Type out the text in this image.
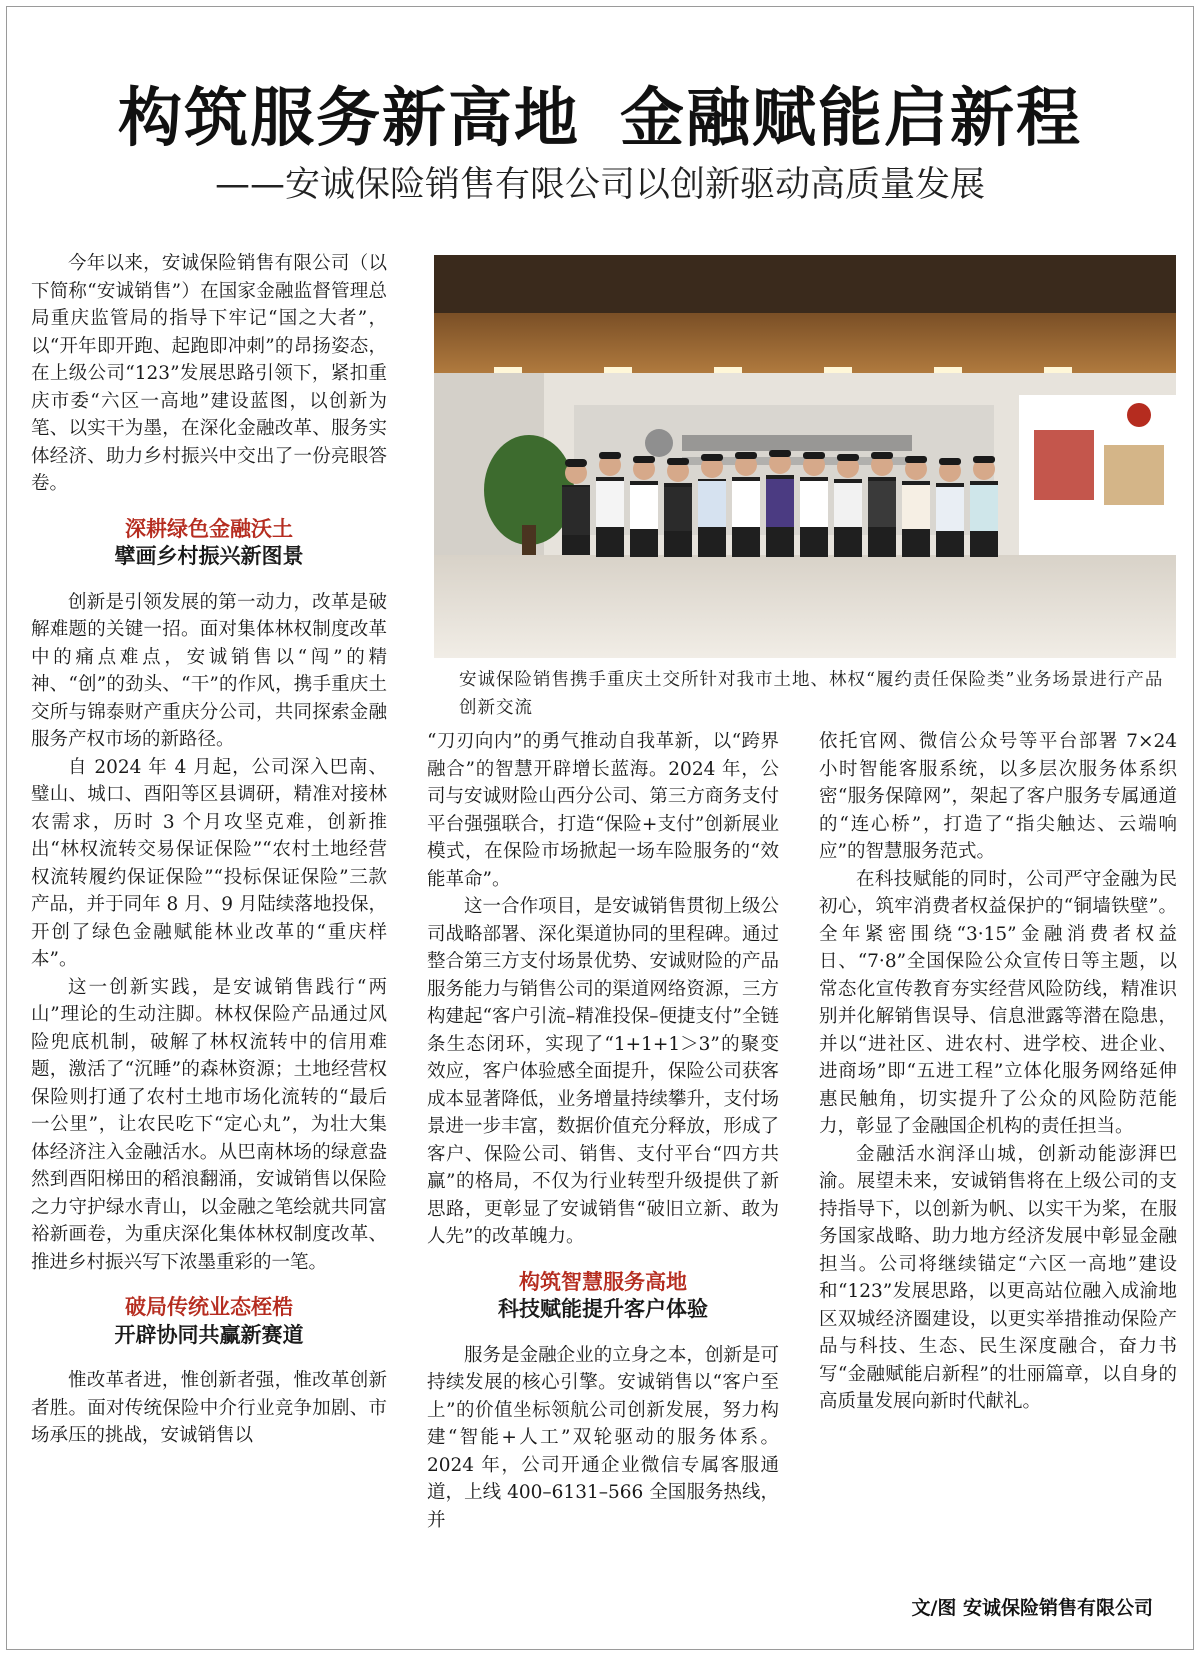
构筑服务新高地 金融赋能启新程
——安诚保险销售有限公司以创新驱动高质量发展

今年以来，安诚保险销售有限公司（以下简称“安诚销售”）在国家金融监督管理总局重庆监管局的指导下牢记“国之大者”，以“开年即开跑、起跑即冲刺”的昂扬姿态，在上级公司“123”发展思路引领下，紧扣重庆市委“六区一高地”建设蓝图，以创新为笔、以实干为墨，在深化金融改革、服务实体经济、助力乡村振兴中交出了一份亮眼答卷。

深耕绿色金融沃土

擘画乡村振兴新图景

创新是引领发展的第一动力，改革是破解难题的关键一招。面对集体林权制度改革中的痛点难点，安诚销售以“闯”的精神、“创”的劲头、“干”的作风，携手重庆土交所与锦泰财产重庆分公司，共同探索金融服务产权市场的新路径。

自 2024 年 4 月起，公司深入巴南、璧山、城口、酉阳等区县调研，精准对接林农需求，历时 3 个月攻坚克难，创新推出“林权流转交易保证保险”“农村土地经营权流转履约保证保险”“投标保证保险”三款产品，并于同年 8 月、9 月陆续落地投保，开创了绿色金融赋能林业改革的“重庆样本”。

这一创新实践，是安诚销售践行“两山”理论的生动注脚。林权保险产品通过风险兜底机制，破解了林权流转中的信用难题，激活了“沉睡”的森林资源；土地经营权保险则打通了农村土地市场化流转的“最后一公里”，让农民吃下“定心丸”，为壮大集体经济注入金融活水。从巴南林场的绿意盎然到酉阳梯田的稻浪翻涌，安诚销售以保险之力守护绿水青山，以金融之笔绘就共同富裕新画卷，为重庆深化集体林权制度改革、推进乡村振兴写下浓墨重彩的一笔。

破局传统业态桎梏

开辟协同共赢新赛道

惟改革者进，惟创新者强，惟改革创新者胜。面对传统保险中介行业竞争加剧、市场承压的挑战，安诚销售以

安诚保险销售携手重庆土交所针对我市土地、林权“履约责任保险类”业务场景进行产品创新交流

“刀刃向内”的勇气推动自我革新，以“跨界融合”的智慧开辟增长蓝海。2024 年，公司与安诚财险山西分公司、第三方商务支付平台强强联合，打造“保险+支付”创新展业模式，在保险市场掀起一场车险服务的“效能革命”。

这一合作项目，是安诚销售贯彻上级公司战略部署、深化渠道协同的里程碑。通过整合第三方支付场景优势、安诚财险的产品服务能力与销售公司的渠道网络资源，三方构建起“客户引流–精准投保–便捷支付”全链条生态闭环，实现了“1+1+1＞3”的聚变效应，客户体验感全面提升，保险公司获客成本显著降低，业务增量持续攀升，支付场景进一步丰富，数据价值充分释放，形成了客户、保险公司、销售、支付平台“四方共赢”的格局，不仅为行业转型升级提供了新思路，更彰显了安诚销售“破旧立新、敢为人先”的改革魄力。

构筑智慧服务高地

科技赋能提升客户体验

服务是金融企业的立身之本，创新是可持续发展的核心引擎。安诚销售以“客户至上”的价值坐标领航公司创新发展，努力构建“智能+人工”双轮驱动的服务体系。2024 年，公司开通企业微信专属客服通道，上线 400–6131–566 全国服务热线，并

依托官网、微信公众号等平台部署 7×24 小时智能客服系统，以多层次服务体系织密“服务保障网”，架起了客户服务专属通道的“连心桥”，打造了“指尖触达、云端响应”的智慧服务范式。

在科技赋能的同时，公司严守金融为民初心，筑牢消费者权益保护的“铜墙铁壁”。全年紧密围绕“3·15”金融消费者权益日、“7·8”全国保险公众宣传日等主题，以常态化宣传教育夯实经营风险防线，精准识别并化解销售误导、信息泄露等潜在隐患，并以“进社区、进农村、进学校、进企业、进商场”即“五进工程”立体化服务网络延伸惠民触角，切实提升了公众的风险防范能力，彰显了金融国企机构的责任担当。

金融活水润泽山城，创新动能澎湃巴渝。展望未来，安诚销售将在上级公司的支持指导下，以创新为帆、以实干为桨，在服务国家战略、助力地方经济发展中彰显金融担当。公司将继续锚定“六区一高地”建设和“123”发展思路，以更高站位融入成渝地区双城经济圈建设，以更实举措推动保险产品与科技、生态、民生深度融合，奋力书写“金融赋能启新程”的壮丽篇章，以自身的高质量发展向新时代献礼。

文/图 安诚保险销售有限公司
